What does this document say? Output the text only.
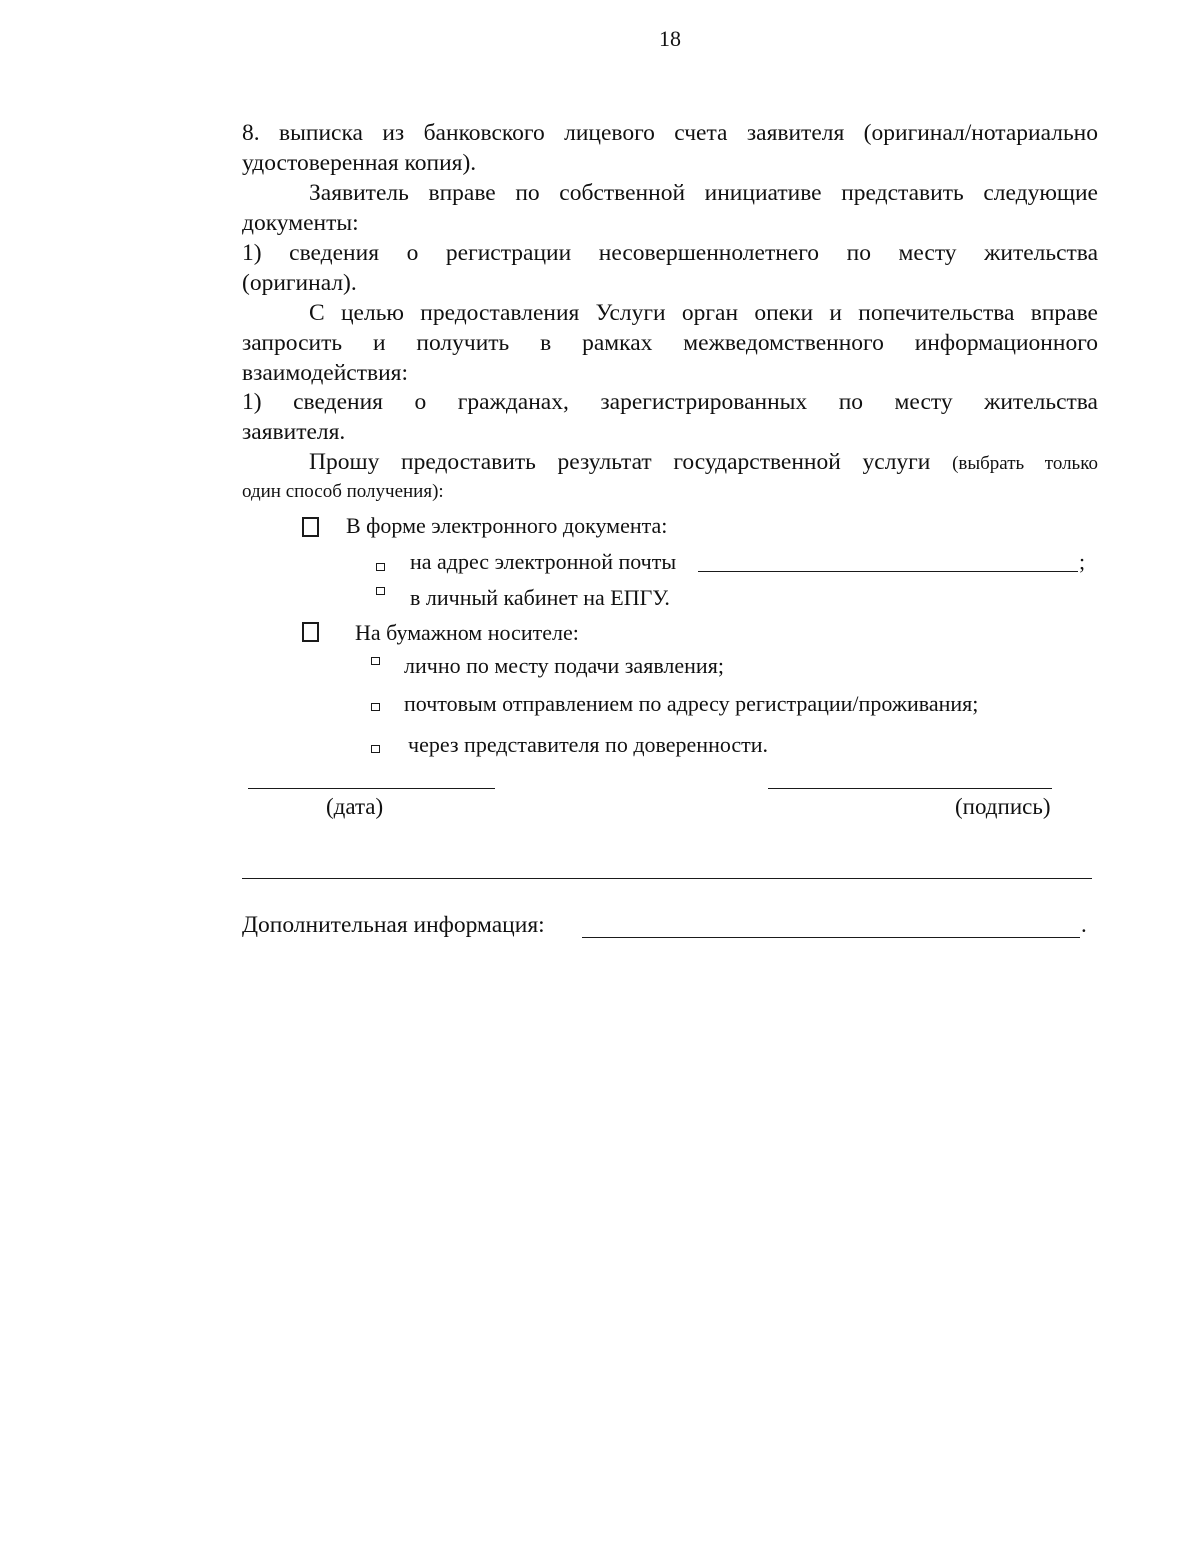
18
8. выписка из банковского лицевого счета заявителя (оригинал/нотариально
удостоверенная копия).
Заявитель вправе по собственной инициативе представить следующие
документы:
1) сведения о регистрации несовершеннолетнего по месту жительства
(оригинал).
С целью предоставления Услуги орган опеки и попечительства вправе
запросить и получить в рамках межведомственного информационного
взаимодействия:
1) сведения о гражданах, зарегистрированных по месту жительства
заявителя.
Прошу предоставить результат государственной услуги (выбрать только
один способ получения):
В форме электронного документа:
на адрес электронной почты	;
в личный кабинет на ЕПГУ.
На бумажном носителе:
лично по месту подачи заявления;
почтовым отправлением по адресу регистрации/проживания;
через представителя по доверенности.
(дата)	(подпись)
Дополнительная информация:	.
